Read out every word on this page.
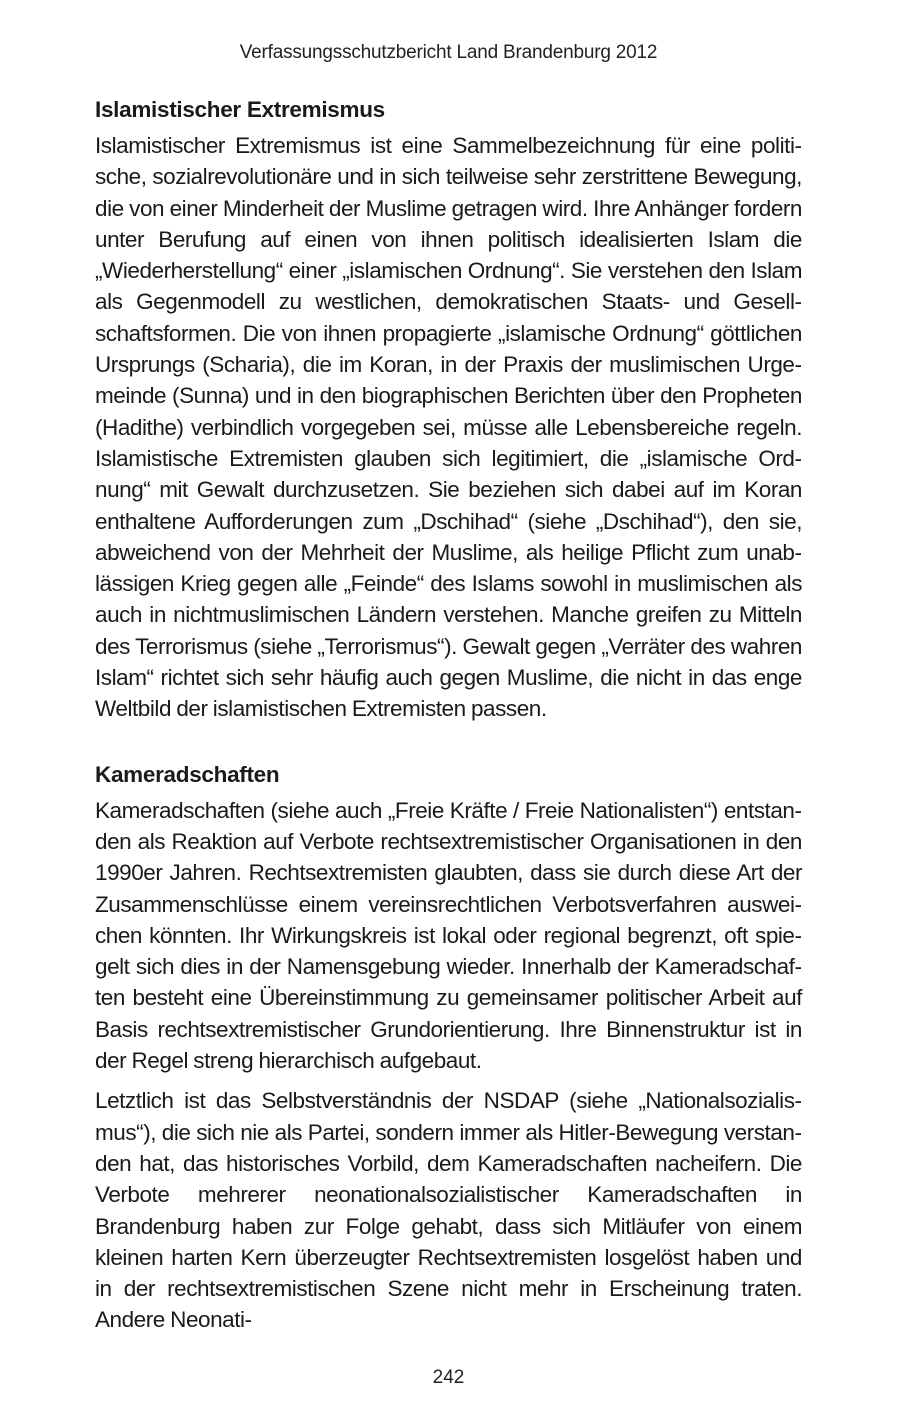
Verfassungsschutzbericht Land Brandenburg 2012
Islamistischer Extremismus

Islamistischer Extremismus ist eine Sammelbezeichnung für eine politische, sozialrevolutionäre und in sich teilweise sehr zerstrittene Bewegung, die von einer Minderheit der Muslime getragen wird. Ihre Anhänger fordern unter Berufung auf einen von ihnen politisch idealisierten Islam die „Wiederherstellung“ einer „islamischen Ordnung“. Sie verstehen den Islam als Gegenmodell zu westlichen, demokratischen Staats- und Gesellschaftsformen. Die von ihnen propagierte „islamische Ordnung“ göttlichen Ursprungs (Scharia), die im Koran, in der Praxis der muslimischen Urgemeinde (Sunna) und in den biographischen Berichten über den Propheten (Hadithe) verbindlich vorgegeben sei, müsse alle Lebensbereiche regeln. Islamistische Extremisten glauben sich legitimiert, die „islamische Ordnung“ mit Gewalt durchzusetzen. Sie beziehen sich dabei auf im Koran enthaltene Aufforderungen zum „Dschihad“ (siehe „Dschihad“), den sie, abweichend von der Mehrheit der Muslime, als heilige Pflicht zum unablässigen Krieg gegen alle „Feinde“ des Islams sowohl in muslimischen als auch in nichtmuslimischen Ländern verstehen. Manche greifen zu Mitteln des Terrorismus (siehe „Terrorismus“). Gewalt gegen „Verräter des wahren Islam“ richtet sich sehr häufig auch gegen Muslime, die nicht in das enge Weltbild der islamistischen Extremisten passen.

Kameradschaften

Kameradschaften (siehe auch „Freie Kräfte / Freie Nationalisten“) entstanden als Reaktion auf Verbote rechtsextremistischer Organisationen in den 1990er Jahren. Rechtsextremisten glaubten, dass sie durch diese Art der Zusammenschlüsse einem vereinsrechtlichen Verbotsverfahren ausweichen könnten. Ihr Wirkungskreis ist lokal oder regional begrenzt, oft spiegelt sich dies in der Namensgebung wieder. Innerhalb der Kameradschaften besteht eine Übereinstimmung zu gemeinsamer politischer Arbeit auf Basis rechtsextremistischer Grundorientierung. Ihre Binnenstruktur ist in der Regel streng hierarchisch aufgebaut.

Letztlich ist das Selbstverständnis der NSDAP (siehe „Nationalsozialismus“), die sich nie als Partei, sondern immer als Hitler-Bewegung verstanden hat, das historisches Vorbild, dem Kameradschaften nacheifern. Die Verbote mehrerer neonationalsozialistischer Kameradschaften in Brandenburg haben zur Folge gehabt, dass sich Mitläufer von einem kleinen harten Kern überzeugter Rechtsextremisten losgelöst haben und in der rechtsextremistischen Szene nicht mehr in Erscheinung traten. Andere Neonati-

242
